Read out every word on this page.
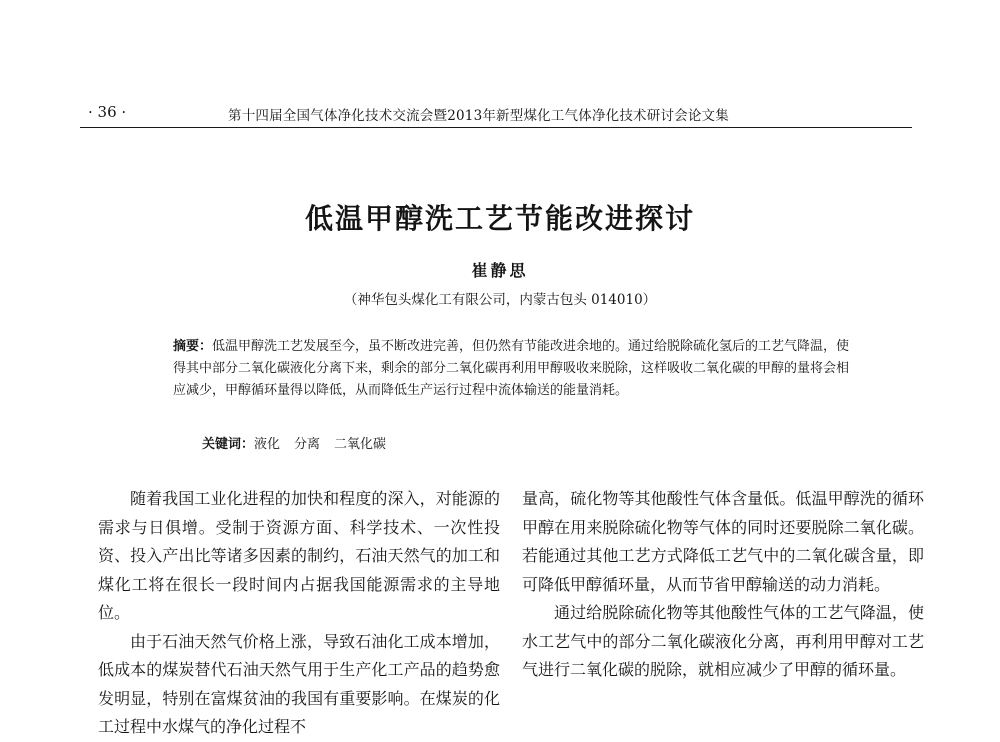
· 36 ·	第十四届全国气体净化技术交流会暨2013年新型煤化工气体净化技术研讨会论文集
低温甲醇洗工艺节能改进探讨
崔静思
（神华包头煤化工有限公司，内蒙古包头 014010）
摘要：低温甲醇洗工艺发展至今，虽不断改进完善，但仍然有节能改进余地的。通过给脱除硫化氢后的工艺气降温，使得其中部分二氧化碳液化分离下来，剩余的部分二氧化碳再利用甲醇吸收来脱除，这样吸收二氧化碳的甲醇的量将会相应减少，甲醇循环量得以降低，从而降低生产运行过程中流体输送的能量消耗。
关键词：液化 分离 二氧化碳

随着我国工业化进程的加快和程度的深入，对能源的需求与日俱增。受制于资源方面、科学技术、一次性投资、投入产出比等诸多因素的制约，石油天然气的加工和煤化工将在很长一段时间内占据我国能源需求的主导地位。

由于石油天然气价格上涨，导致石油化工成本增加，低成本的煤炭替代石油天然气用于生产化工产品的趋势愈发明显，特别在富煤贫油的我国有重要影响。在煤炭的化工过程中水煤气的净化过程不

量高，硫化物等其他酸性气体含量低。低温甲醇洗的循环甲醇在用来脱除硫化物等气体的同时还要脱除二氧化碳。若能通过其他工艺方式降低工艺气中的二氧化碳含量，即可降低甲醇循环量，从而节省甲醇输送的动力消耗。

通过给脱除硫化物等其他酸性气体的工艺气降温，使水工艺气中的部分二氧化碳液化分离，再利用甲醇对工艺气进行二氧化碳的脱除，就相应减少了甲醇的循环量。
